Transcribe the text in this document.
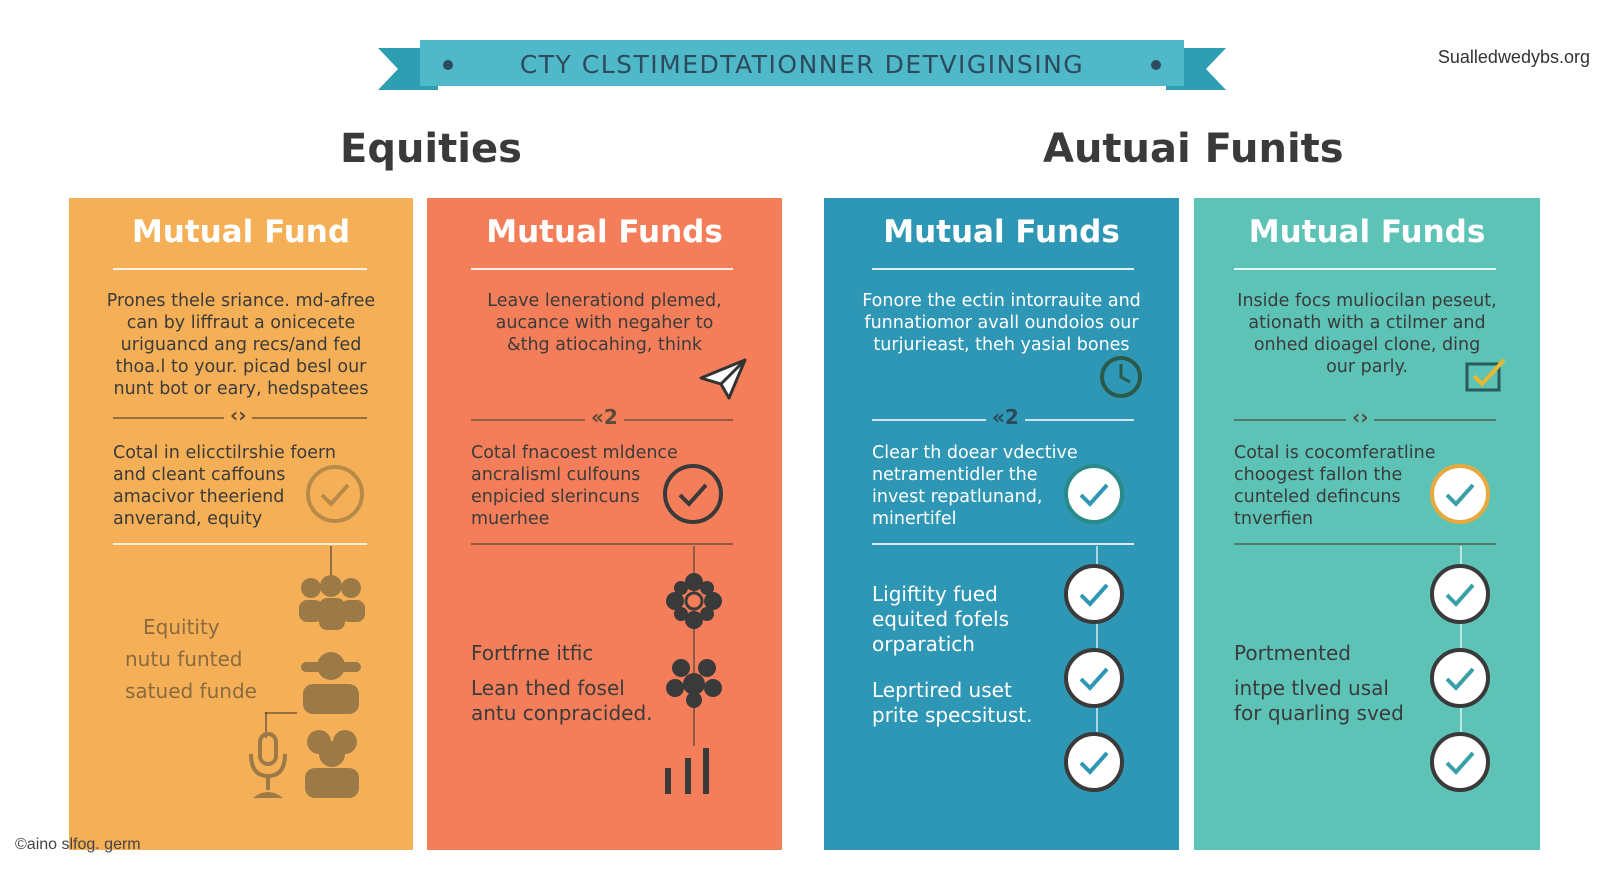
CTY CLSTIMEDTATIONNER DETVIGINSING	Sualledwedybs.org
Equities	Autuai Funits
Mutual Fund
Prones thele sriance. md-afree
can by liffraut a onicecete
uriguancd ang recs/and fed
thoa.l to your. picad besl our
nunt bot or eary, hedspatees
‹›
Cotal in elicctilrshie foern
and cleant caffouns
amacivor theeriend
anverand, equity
Equitity
nutu funted
satued funde
Mutual Funds
Leave lenerationd plemed,
aucance with negaher to
&thg atiocahing, think
«2
Cotal fnacoest mldence
ancralisml culfouns
enpicied slerincuns
muerhee
Fortfrne itfic
Lean thed fosel
antu conpracided.
Mutual Funds
Fonore the ectin intorrauite and
funnatiomor avall oundoios our
turjurieast, theh yasial bones
«2
Clear th doear vdective
netramentidler the
invest repatlunand,
minertifel
Ligiftity fued
equited fofels
orparatich
Leprtired uset
prite specsitust.
Mutual Funds
Inside focs muliocilan peseut,
ationath with a ctilmer and
onhed dioagel clone, ding
our parly.
‹›
Cotal is cocomferatline
choogest fallon the
cunteled defincuns
tnverfien
Portmented
intpe tlved usal
for quarling sved
©aino slfog. germ
